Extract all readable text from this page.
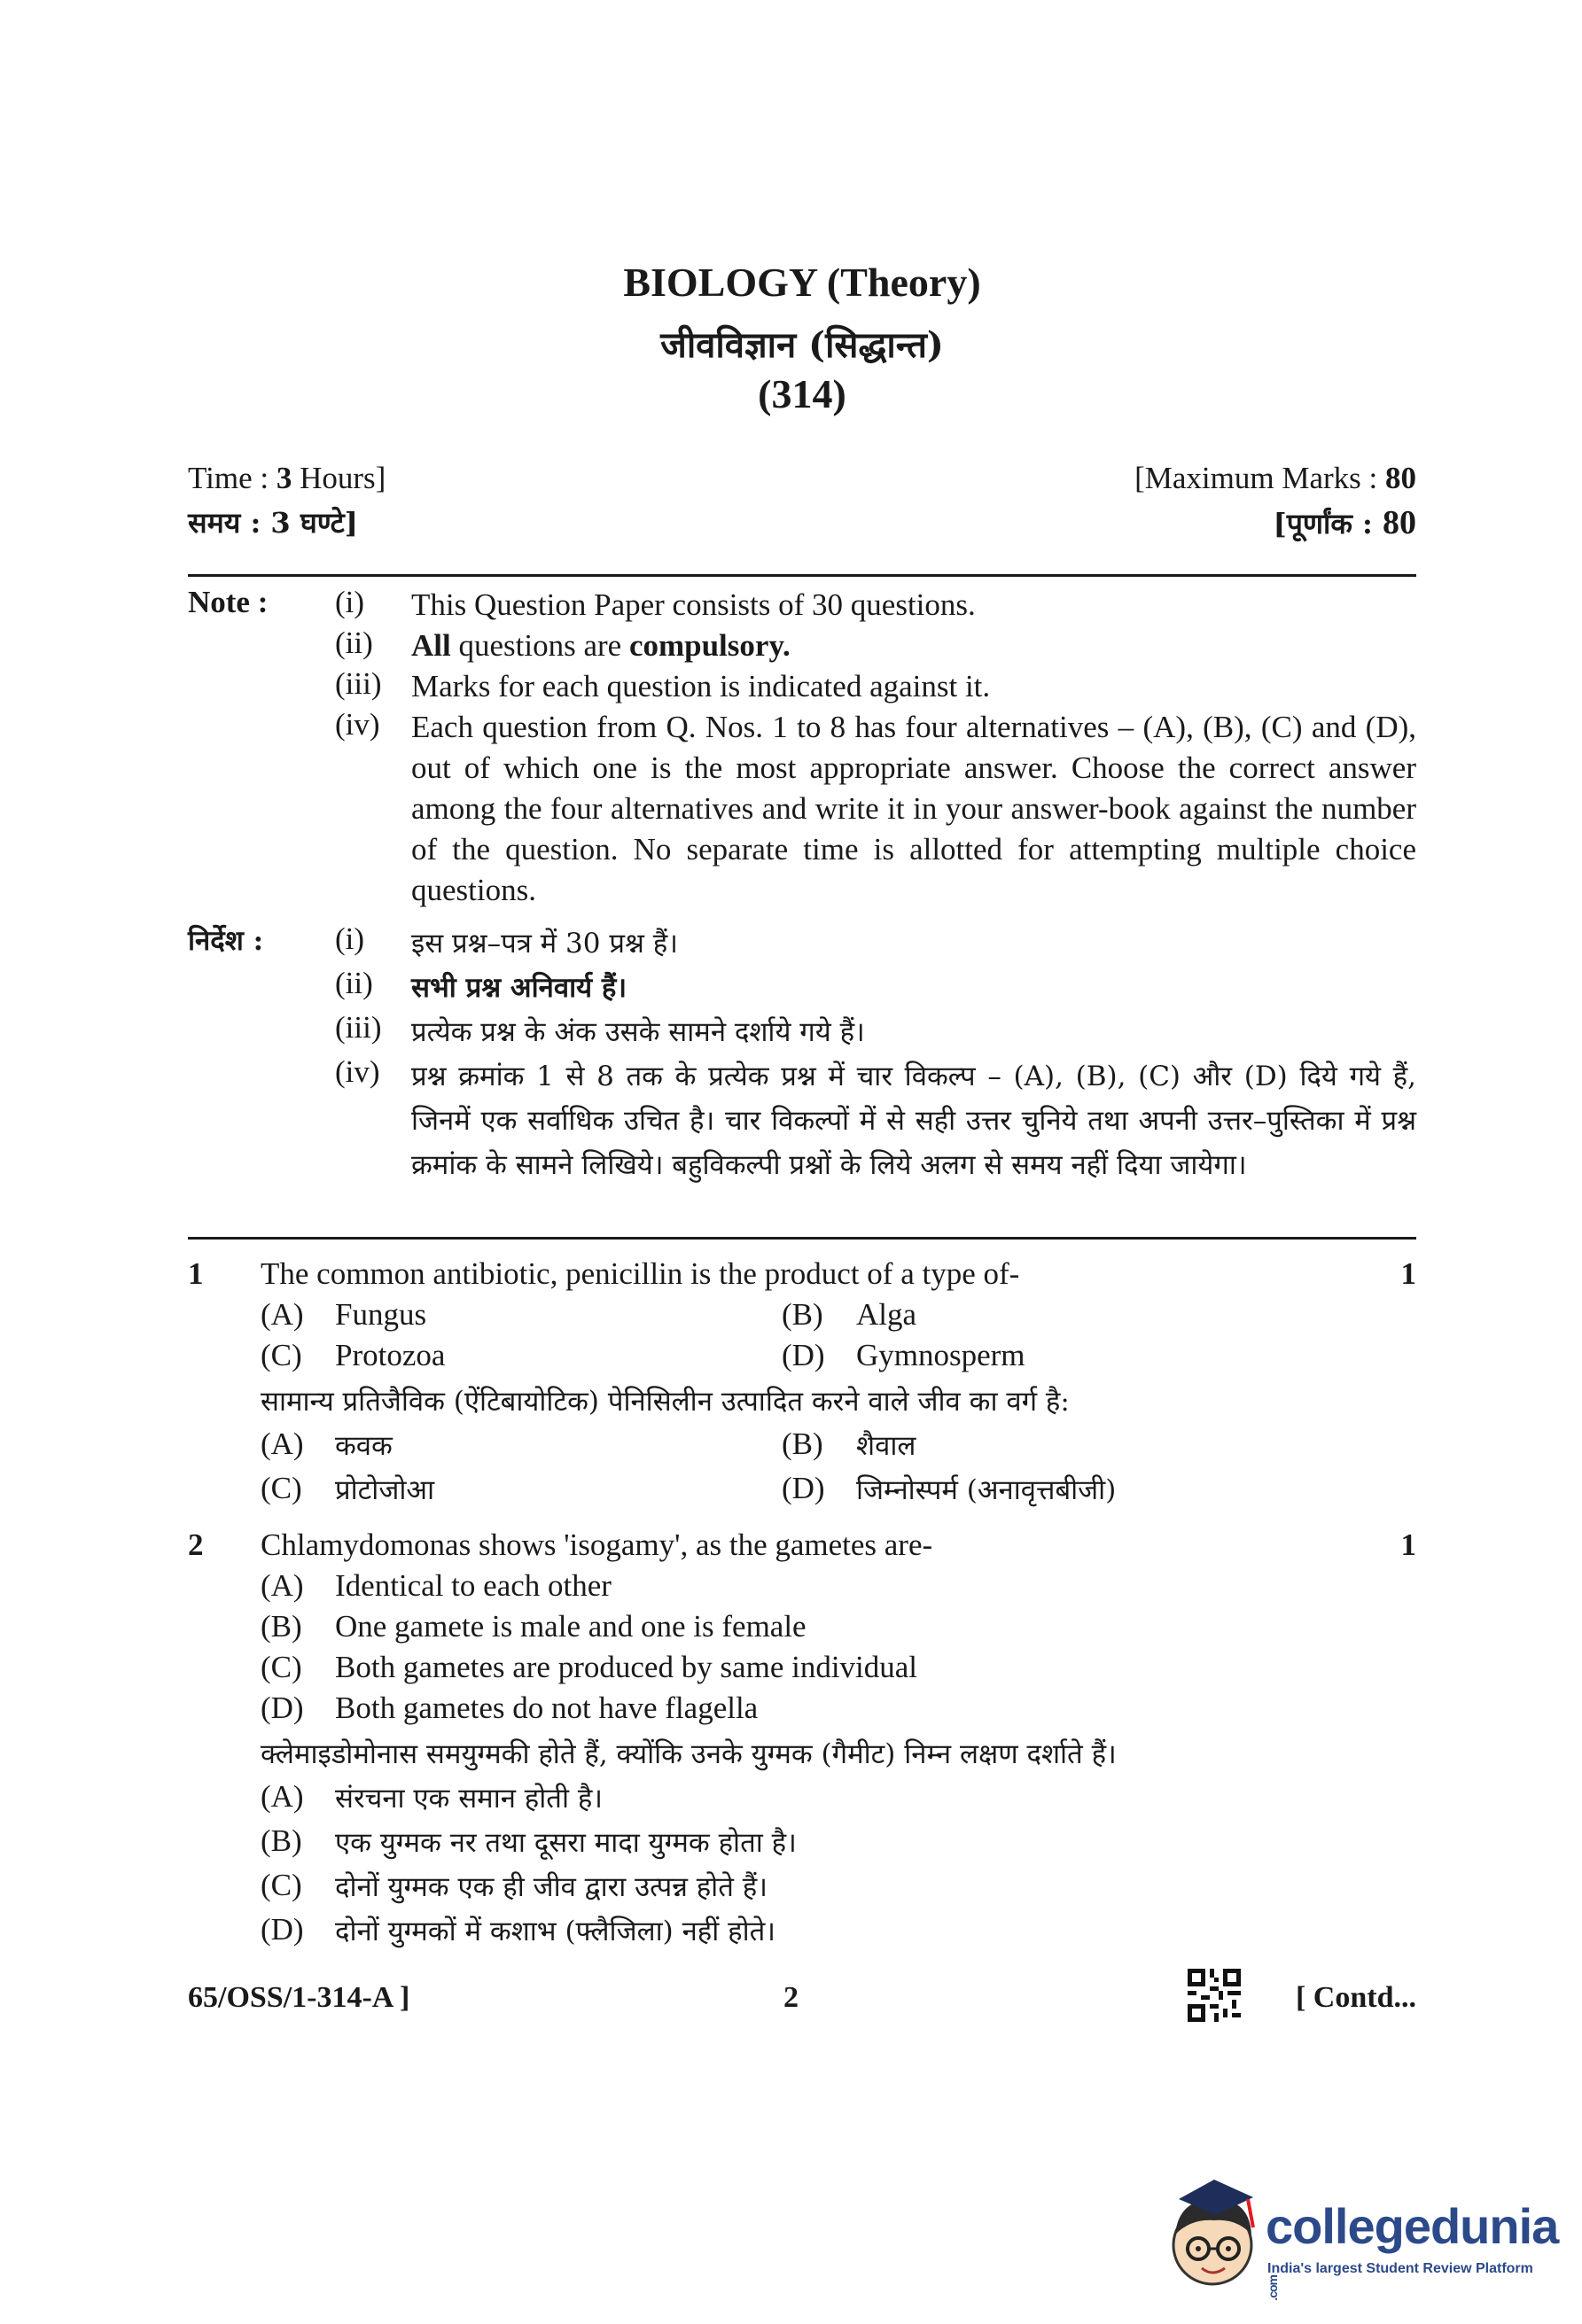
BIOLOGY (Theory)
जीवविज्ञान (सिद्धान्त)
(314)
Time : 3 Hours]	[Maximum Marks : 80
समय : 3 घण्टे]	[पूर्णांक : 80
Note : (i)	This Question Paper consists of 30 questions.
(ii)	All questions are compulsory.
(iii) Marks for each question is indicated against it.
(iv)	Each question from Q. Nos. 1 to 8 has four alternatives – (A), (B), (C) and (D), out of which one is the most appropriate answer. Choose the correct answer among the four alternatives and write it in your answer-book against the number of the question. No separate time is allotted for attempting multiple choice questions.
निर्देश : (i)	इस प्रश्न–पत्र में 30 प्रश्न हैं।
(ii)	सभी प्रश्न अनिवार्य हैं।
(iii)	प्रत्येक प्रश्न के अंक उसके सामने दर्शाये गये हैं।
(iv)	प्रश्न क्रमांक 1 से 8 तक के प्रत्येक प्रश्न में चार विकल्प – (A), (B), (C) और (D) दिये गये हैं, जिनमें एक सर्वाधिक उचित है। चार विकल्पों में से सही उत्तर चुनिये तथा अपनी उत्तर–पुस्तिका में प्रश्न क्रमांक के सामने लिखिये। बहुविकल्पी प्रश्नों के लिये अलग से समय नहीं दिया जायेगा।
1 The common antibiotic, penicillin is the product of a type of-	1
(A)	Fungus	(B)	Alga
(C)	Protozoa	(D)	Gymnosperm
सामान्य प्रतिजैविक (ऐंटिबायोटिक) पेनिसिलीन उत्पादित करने वाले जीव का वर्ग है:
(A)	कवक	(B)	शैवाल
(C)	प्रोटोजोआ	(D)	जिम्नोस्पर्म (अनावृत्तबीजी)
2 Chlamydomonas shows 'isogamy', as the gametes are-	1
(A)	Identical to each other
(B)	One gamete is male and one is female
(C)	Both gametes are produced by same individual
(D)	Both gametes do not have flagella
क्लेमाइडोमोनास समयुग्मकी होते हैं, क्योंकि उनके युग्मक (गैमीट) निम्न लक्षण दर्शाते हैं।
(A)	संरचना एक समान होती है।
(B)	एक युग्मक नर तथा दूसरा मादा युग्मक होता है।
(C)	दोनों युग्मक एक ही जीव द्वारा उत्पन्न होते हैं।
(D)	दोनों युग्मकों में कशाभ (फ्लैजिला) नहीं होते।
65/OSS/1-314-A ]	2	[ Contd...
collegedunia.com
India's largest Student Review Platform
